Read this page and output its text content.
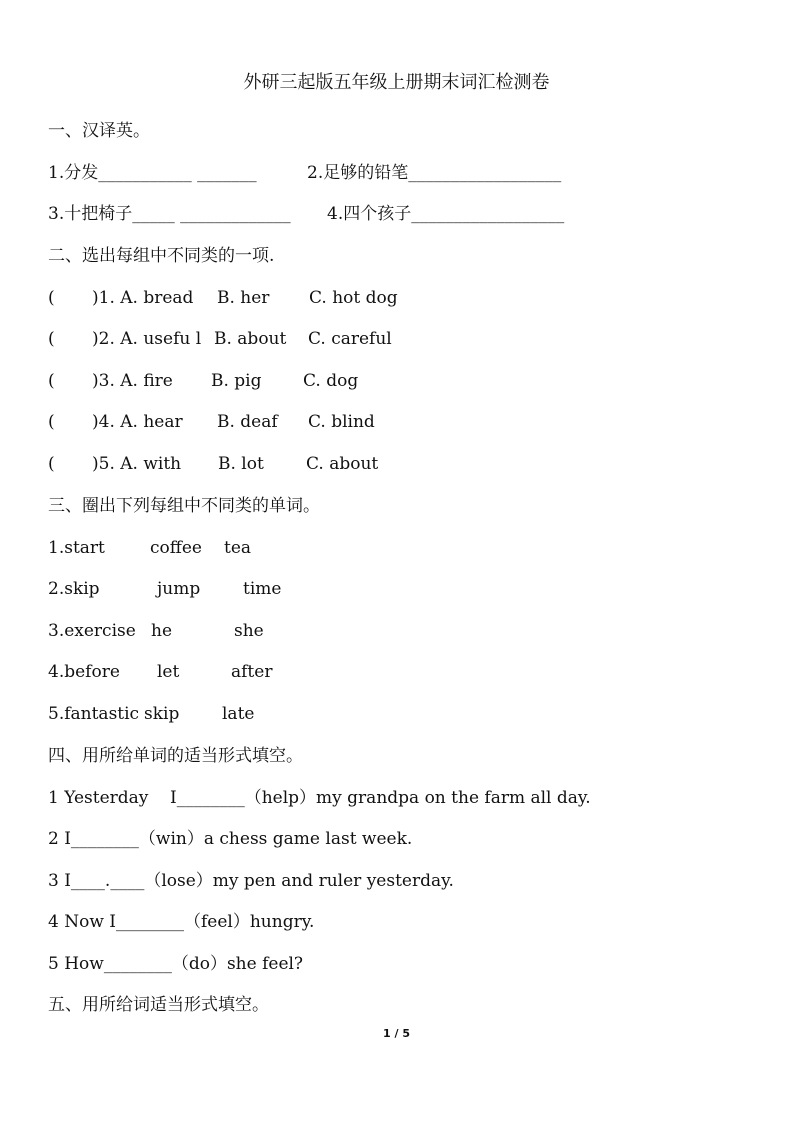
外研三起版五年级上册期末词汇检测卷
一、汉译英。
1.分发___________ _______	2.足够的铅笔__________________
3.十把椅子_____ _____________ 4.四个孩子__________________
二、选出每组中不同类的一项.
( )1. A. bread B. her C. hot dog
( )2. A. usefu l B. about C. careful
( )3. A. fire B. pig C. dog
( )4. A. hear B. deaf C. blind
( )5. A. with B. lot C. about
三、圈出下列每组中不同类的单词。
1.start	coffee tea
2.skip	jump	time
3.exercise he	she
4.before let	after
5.fantastic skip	late
四、用所给单词的适当形式填空。
1 Yesterday    I________（help）my grandpa on the farm all day.
2 I________（win）a chess game last week.
3 I____.____（lose）my pen and ruler yesterday.
4 Now I________（feel）hungry.
5 How________（do）she feel?
五、用所给词适当形式填空。
1 / 5
